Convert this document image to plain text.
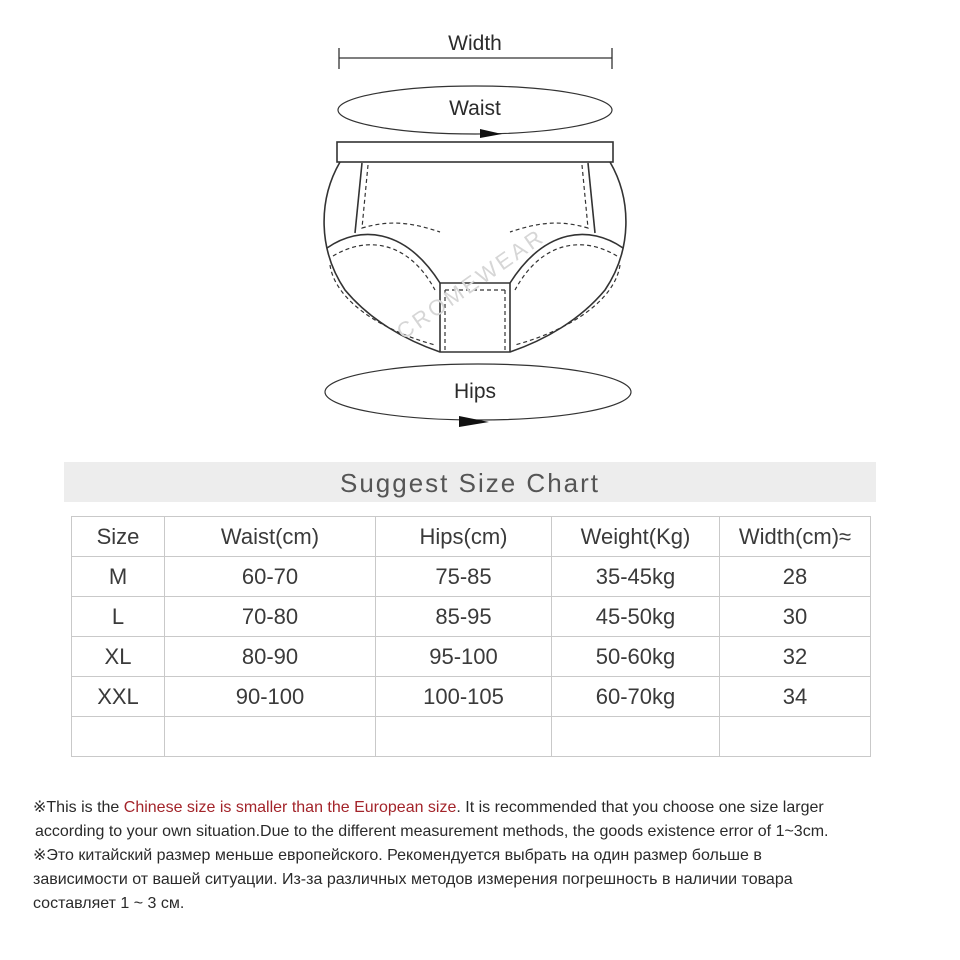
CROMEWEAR
Width
Waist
Hips
Suggest Size Chart
Size	Waist(cm)	Hips(cm)	Weight(Kg)	Width(cm)≈
M	60-70	75-85	35-45kg	28
L	70-80	85-95	45-50kg	30
XL	80-90	95-100	50-60kg	32
XXL	90-100	100-105	60-70kg	34

※This is the Chinese size is smaller than the European size. It is recommended that you choose one size larger

according to your own situation.Due to the different measurement methods, the goods existence error of 1~3cm.

※Это китайский размер меньше европейского. Рекомендуется выбрать на один размер больше в

зависимости от вашей ситуации. Из-за различных методов измерения погрешность в наличии товара

составляет 1 ~ 3 см.
